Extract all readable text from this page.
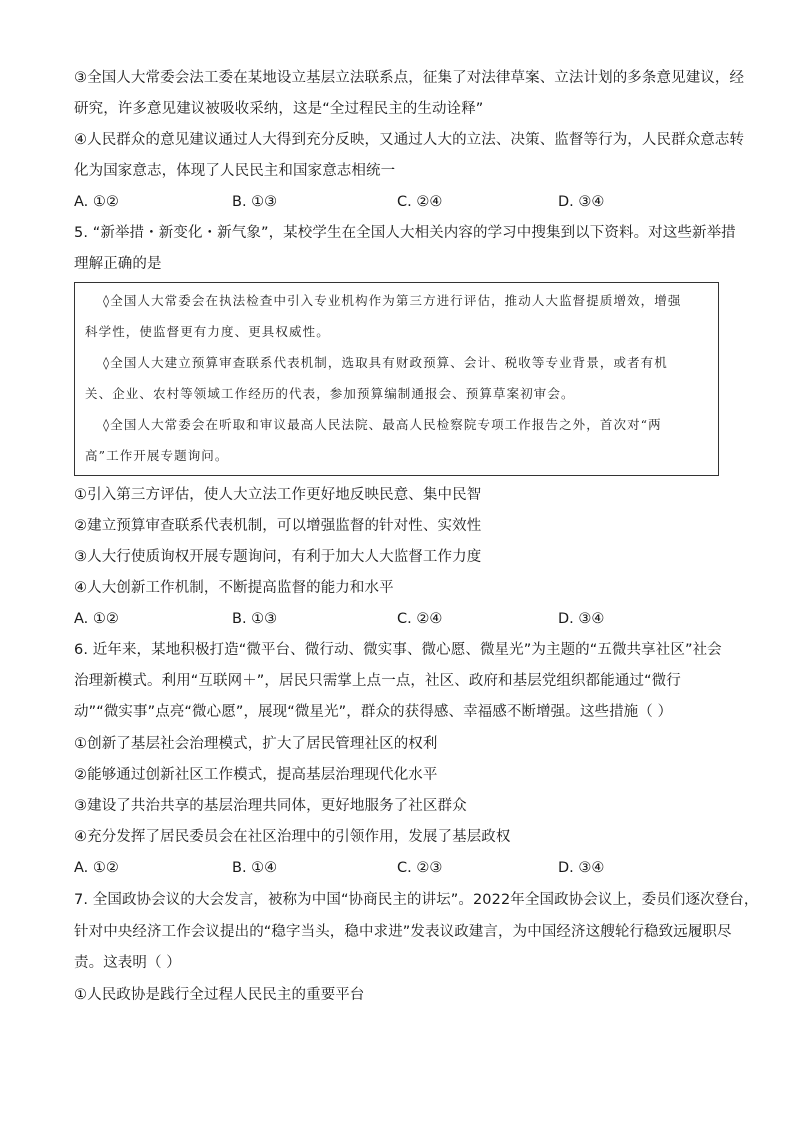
③全国人大常委会法工委在某地设立基层立法联系点，征集了对法律草案、立法计划的多条意见建议，经
研究，许多意见建议被吸收采纳，这是“全过程民主的生动诠释”
④人民群众的意见建议通过人大得到充分反映，又通过人大的立法、决策、监督等行为，人民群众意志转
化为国家意志，体现了人民民主和国家意志相统一
A. ①②	B. ①③	C. ②④	D. ③④
5. “新举措・新变化・新气象”，某校学生在全国人大相关内容的学习中搜集到以下资料。对这些新举措
理解正确的是
◊全国人大常委会在执法检查中引入专业机构作为第三方进行评估，推动人大监督提质增效，增强
科学性，使监督更有力度、更具权威性。
◊全国人大建立预算审查联系代表机制，选取具有财政预算、会计、税收等专业背景，或者有机
关、企业、农村等领域工作经历的代表，参加预算编制通报会、预算草案初审会。
◊全国人大常委会在听取和审议最高人民法院、最高人民检察院专项工作报告之外，首次对“两
高”工作开展专题询问。
①引入第三方评估，使人大立法工作更好地反映民意、集中民智
②建立预算审查联系代表机制，可以增强监督的针对性、实效性
③人大行使质询权开展专题询问，有利于加大人大监督工作力度
④人大创新工作机制，不断提高监督的能力和水平
A. ①②	B. ①③	C. ②④	D. ③④
6. 近年来，某地积极打造“微平台、微行动、微实事、微心愿、微星光”为主题的“五微共享社区”社会
治理新模式。利用“互联网＋”，居民只需掌上点一点，社区、政府和基层党组织都能通过“微行
动”“微实事”点亮“微心愿”，展现“微星光”，群众的获得感、幸福感不断增强。这些措施（ ）
①创新了基层社会治理模式，扩大了居民管理社区的权利
②能够通过创新社区工作模式，提高基层治理现代化水平
③建设了共治共享的基层治理共同体，更好地服务了社区群众
④充分发挥了居民委员会在社区治理中的引领作用，发展了基层政权
A. ①②	B. ①④	C. ②③	D. ③④
7. 全国政协会议的大会发言，被称为中国“协商民主的讲坛”。2022年全国政协会议上，委员们逐次登台，
针对中央经济工作会议提出的“稳字当头，稳中求进”发表议政建言，为中国经济这艘轮行稳致远履职尽
责。这表明（ ）
①人民政协是践行全过程人民民主的重要平台
